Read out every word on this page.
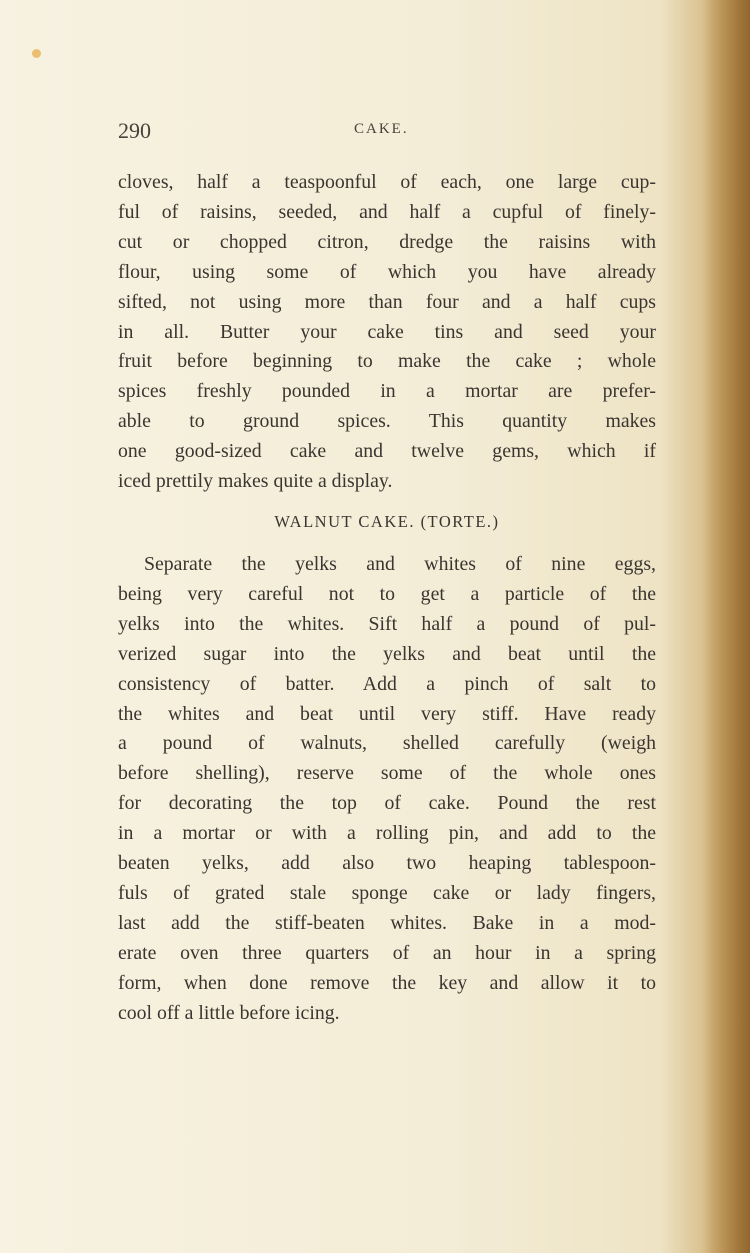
290	CAKE.
cloves, half a teaspoonful of each, one large cup-
ful of raisins, seeded, and half a cupful of finely-
cut or chopped citron, dredge the raisins with
flour, using some of which you have already
sifted, not using more than four and a half cups
in all. Butter your cake tins and seed your
fruit before beginning to make the cake ; whole
spices freshly pounded in a mortar are prefer-
able to ground spices. This quantity makes
one good-sized cake and twelve gems, which if
iced prettily makes quite a display.
WALNUT CAKE. (TORTE.)
Separate the yelks and whites of nine eggs,
being very careful not to get a particle of the
yelks into the whites. Sift half a pound of pul-
verized sugar into the yelks and beat until the
consistency of batter. Add a pinch of salt to
the whites and beat until very stiff. Have ready
a pound of walnuts, shelled carefully (weigh
before shelling), reserve some of the whole ones
for decorating the top of cake. Pound the rest
in a mortar or with a rolling pin, and add to the
beaten yelks, add also two heaping tablespoon-
fuls of grated stale sponge cake or lady fingers,
last add the stiff-beaten whites. Bake in a mod-
erate oven three quarters of an hour in a spring
form, when done remove the key and allow it to
cool off a little before icing.
